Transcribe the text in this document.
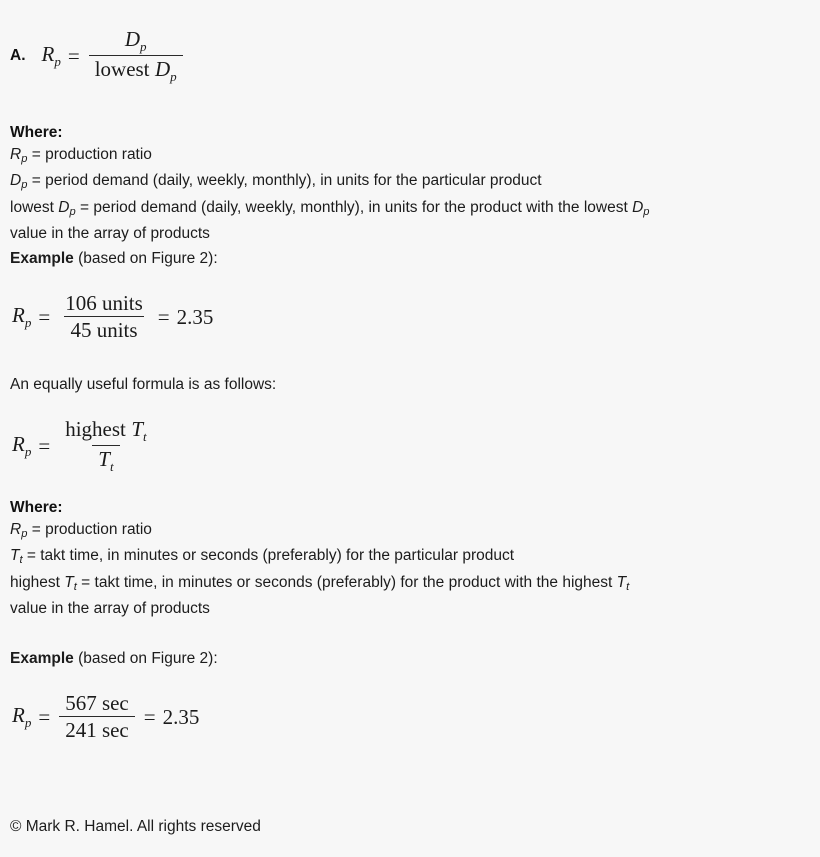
A. $R_p = \frac{D_p}{lowest D_p}$
Where:
$R_p$ = production ratio
$D_p$ = period demand (daily, weekly, monthly), in units for the particular product
lowest $D_p$ = period demand (daily, weekly, monthly), in units for the product with the lowest $D_p$
value in the array of products
Example (based on Figure 2):
$R_p = \frac{\text{106 units}}{\text{45 units}} = 2.35$
An equally useful formula is as follows:
$R_p = \frac{highest T_t}{T_t}$
Where:
$R_p$ = production ratio
$T_t$ = takt time, in minutes or seconds (preferably) for the particular product
highest $T_t$ = takt time, in minutes or seconds (preferably) for the product with the highest $T_t$
value in the array of products
Example (based on Figure 2):
$R_p = \frac{567 \sec}{241 \sec} = 2.35$
© Mark R. Hamel. All rights reserved
